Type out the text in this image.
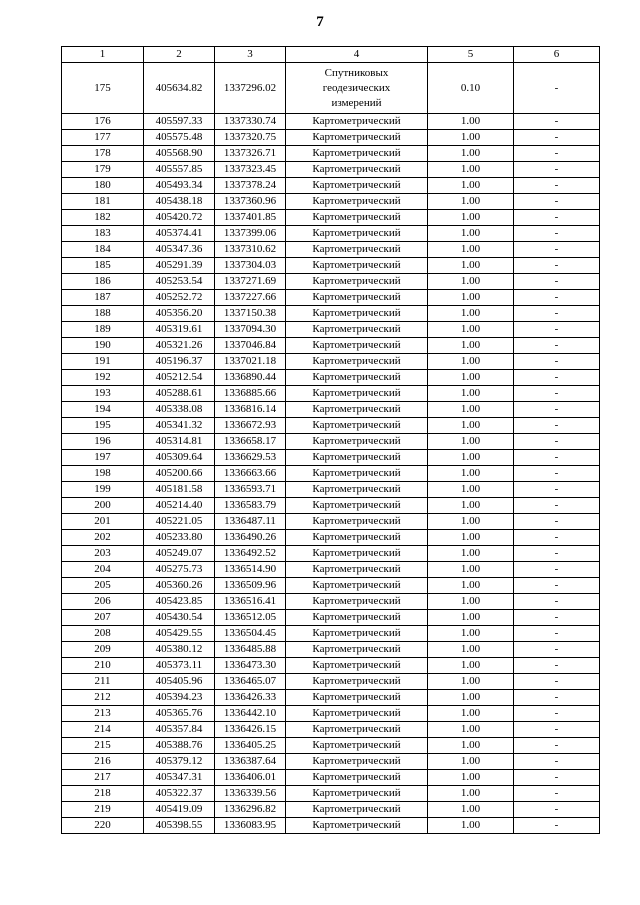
7
1	2	3	4	5	6
175	405634.82	1337296.02	Спутниковых
геодезических
измерений	0.10	-
176	405597.33	1337330.74	Картометрический	1.00	-
177	405575.48	1337320.75	Картометрический	1.00	-
178	405568.90	1337326.71	Картометрический	1.00	-
179	405557.85	1337323.45	Картометрический	1.00	-
180	405493.34	1337378.24	Картометрический	1.00	-
181	405438.18	1337360.96	Картометрический	1.00	-
182	405420.72	1337401.85	Картометрический	1.00	-
183	405374.41	1337399.06	Картометрический	1.00	-
184	405347.36	1337310.62	Картометрический	1.00	-
185	405291.39	1337304.03	Картометрический	1.00	-
186	405253.54	1337271.69	Картометрический	1.00	-
187	405252.72	1337227.66	Картометрический	1.00	-
188	405356.20	1337150.38	Картометрический	1.00	-
189	405319.61	1337094.30	Картометрический	1.00	-
190	405321.26	1337046.84	Картометрический	1.00	-
191	405196.37	1337021.18	Картометрический	1.00	-
192	405212.54	1336890.44	Картометрический	1.00	-
193	405288.61	1336885.66	Картометрический	1.00	-
194	405338.08	1336816.14	Картометрический	1.00	-
195	405341.32	1336672.93	Картометрический	1.00	-
196	405314.81	1336658.17	Картометрический	1.00	-
197	405309.64	1336629.53	Картометрический	1.00	-
198	405200.66	1336663.66	Картометрический	1.00	-
199	405181.58	1336593.71	Картометрический	1.00	-
200	405214.40	1336583.79	Картометрический	1.00	-
201	405221.05	1336487.11	Картометрический	1.00	-
202	405233.80	1336490.26	Картометрический	1.00	-
203	405249.07	1336492.52	Картометрический	1.00	-
204	405275.73	1336514.90	Картометрический	1.00	-
205	405360.26	1336509.96	Картометрический	1.00	-
206	405423.85	1336516.41	Картометрический	1.00	-
207	405430.54	1336512.05	Картометрический	1.00	-
208	405429.55	1336504.45	Картометрический	1.00	-
209	405380.12	1336485.88	Картометрический	1.00	-
210	405373.11	1336473.30	Картометрический	1.00	-
211	405405.96	1336465.07	Картометрический	1.00	-
212	405394.23	1336426.33	Картометрический	1.00	-
213	405365.76	1336442.10	Картометрический	1.00	-
214	405357.84	1336426.15	Картометрический	1.00	-
215	405388.76	1336405.25	Картометрический	1.00	-
216	405379.12	1336387.64	Картометрический	1.00	-
217	405347.31	1336406.01	Картометрический	1.00	-
218	405322.37	1336339.56	Картометрический	1.00	-
219	405419.09	1336296.82	Картометрический	1.00	-
220	405398.55	1336083.95	Картометрический	1.00	-
